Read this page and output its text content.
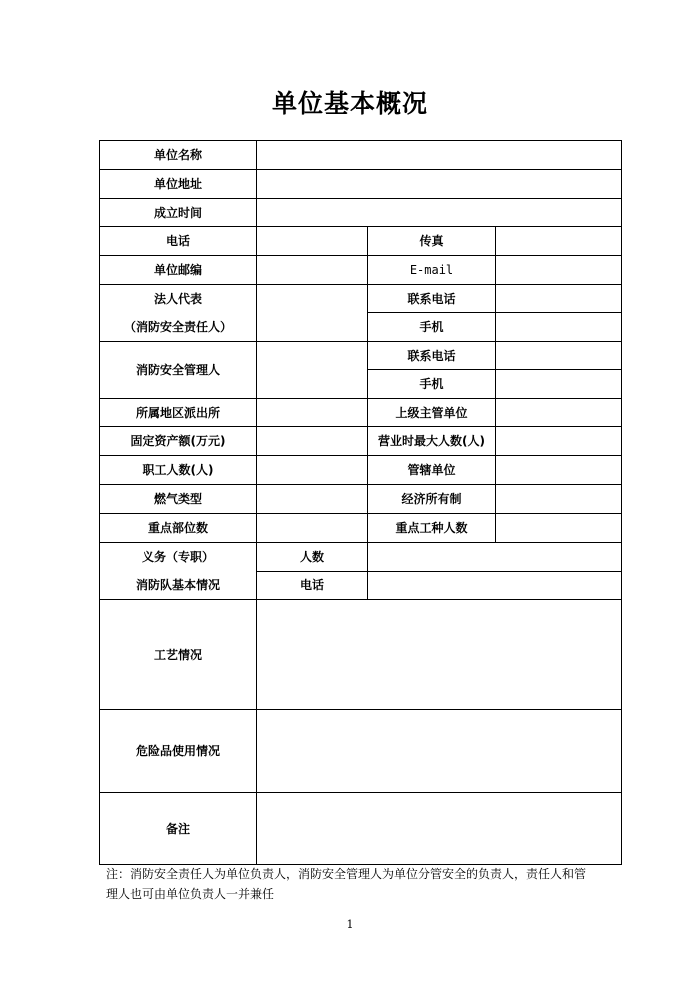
单位基本概况
单位名称			
单位地址			
成立时间			
电话		传真	
单位邮编		E-mail	

法人代表
（消防安全责任人）		联系电话	
		手机	
消防安全管理人		联系电话	
		手机	
所属地区派出所		上级主管单位	
固定资产额(万元)		营业时最大人数(人)	
职工人数(人)		管辖单位	
燃气类型		经济所有制	
重点部位数		重点工种人数	

义务（专职）
消防队基本情况	人数		
	电话		
工艺情况			
危险品使用情况			
备注			
注：消防安全责任人为单位负责人，消防安全管理人为单位分管安全的负责人，责任人和管
理人也可由单位负责人一并兼任
1
